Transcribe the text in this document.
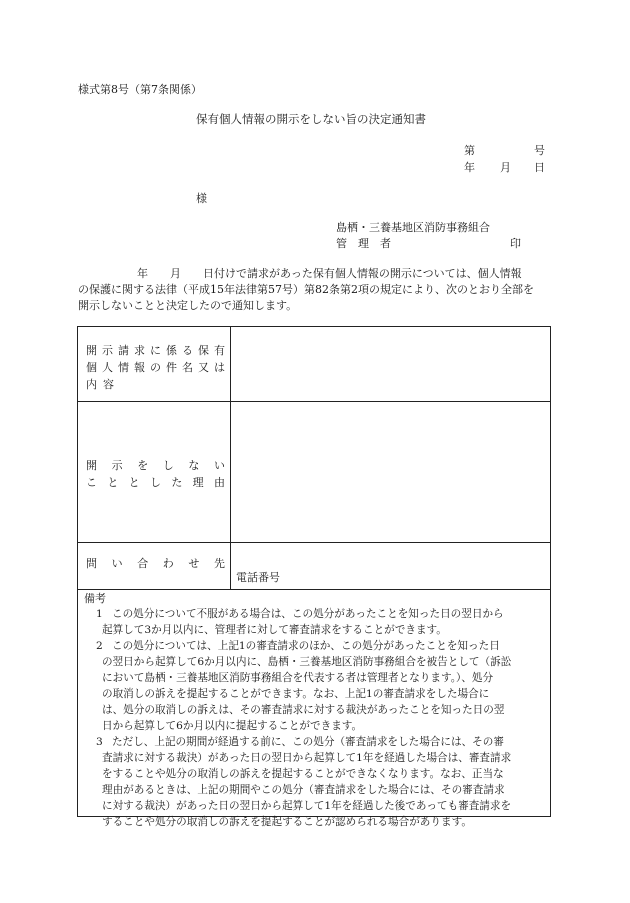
様式第8号（第7条関係）
保有個人情報の開示をしない旨の決定通知書
第	号
年 月 日
様
島栖・三養基地区消防事務組合
管　理　者	印
年　　月　　日付けで請求があった保有個人情報の開示については、個人情報
の保護に関する法律（平成15年法律第57号）第82条第2項の規定により、次のとおり全部を
開示しないことと決定したので通知します。
開示請求に係る保有
個人情報の件名又は
内容
開示をしない
こととした理由
問い合わせ先
電話番号
備考
1 この処分について不服がある場合は、この処分があったことを知った日の翌日から
起算して3か月以内に、管理者に対して審査請求をすることができます。
2 この処分については、上記1の審査請求のほか、この処分があったことを知った日
の翌日から起算して6か月以内に、島栖・三養基地区消防事務組合を被告として（訴訟
において島栖・三養基地区消防事務組合を代表する者は管理者となります。）、処分
の取消しの訴えを提起することができます。なお、上記1の審査請求をした場合に
は、処分の取消しの訴えは、その審査請求に対する裁決があったことを知った日の翌
日から起算して6か月以内に提起することができます。
3 ただし、上記の期間が経過する前に、この処分（審査請求をした場合には、その審
査請求に対する裁決）があった日の翌日から起算して1年を経過した場合は、審査請求
をすることや処分の取消しの訴えを提起することができなくなります。なお、正当な
理由があるときは、上記の期間やこの処分（審査請求をした場合には、その審査請求
に対する裁決）があった日の翌日から起算して1年を経過した後であっても審査請求を
することや処分の取消しの訴えを提起することが認められる場合があります。
